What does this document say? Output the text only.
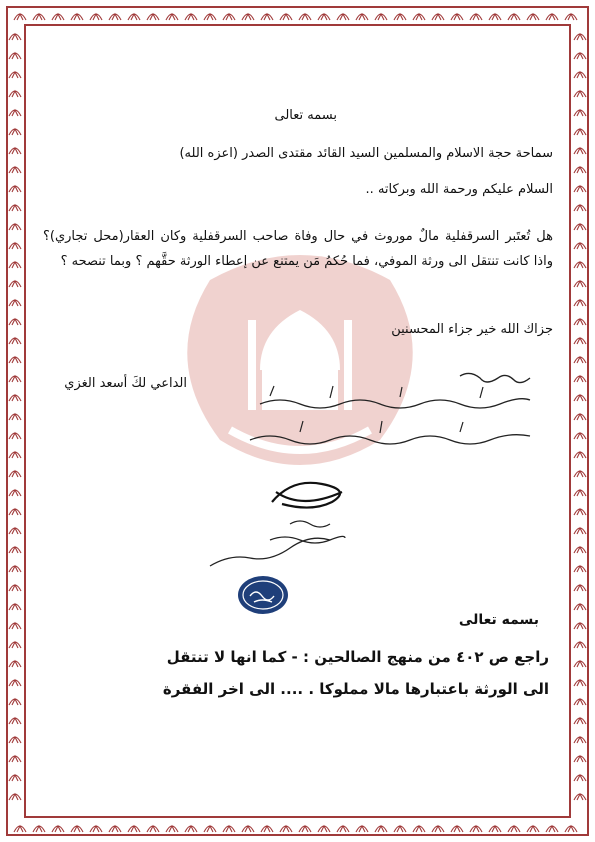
بسمه تعالى
سماحة حجة الاسلام والمسلمين السيد القائد مقتدى الصدر (اعزه الله)
السلام عليكم ورحمة الله وبركاته ..
هل تُعتَبر السرقفلية مالٌ موروث في حال وفاة صاحب السرقفلية وكان العقار(محل تجاري)؟ واذا كانت تنتقل الى ورثة الموفي، فما حُكمُ مَن يمتنع عن إعطاء الورثة حقَّهم ؟ وبما تنصحه ؟
جزاك الله خير جزاء المحسنين
الداعي لكَ أسعد الغزي
بسمه تعالى
راجع ص ٤٠٢ من منهج الصالحين : - كما انها لا تنتقل
الى الورثة باعتبارها مالا مملوكا . .... الى اخر الفقرة
